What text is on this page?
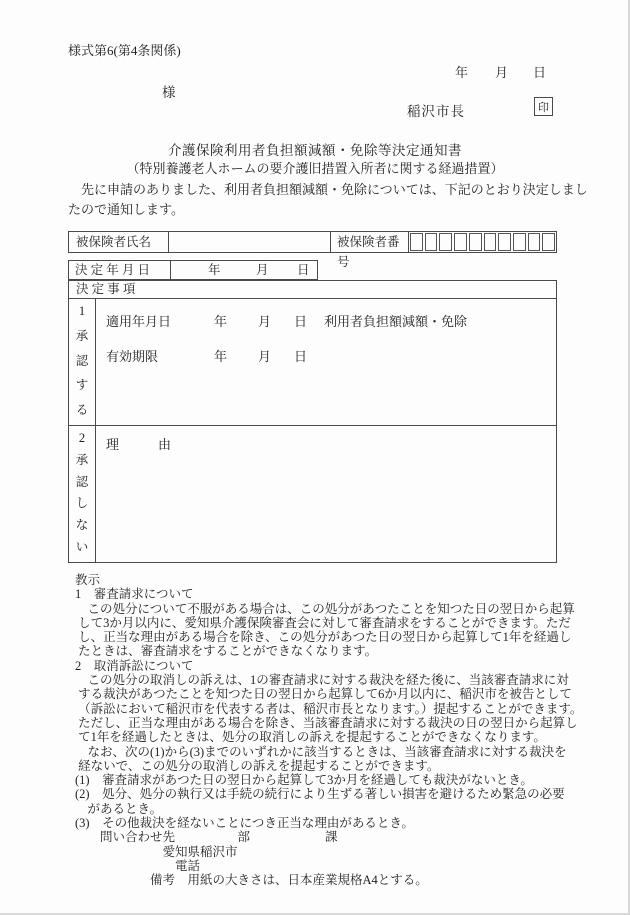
様式第6(第4条関係)
年 月 日
様
稲沢市長	印
介護保険利用者負担額減額・免除等決定通知書
（特別養護老人ホームの要介護旧措置入所者に関する経過措置）
　先に申請のありました、利用者負担額減額・免除については、下記のとおり決定しまし
たので通知します。
被保険者氏名	被保険者番号
決 定 年 月 日	年	月 日
決 定 事 項
1
承
認
す
る
適用年月日	年 月 日 利用者負担額減額・免除
有効期限	年 月 日
2
承
認
し
な
い
理　　　由
教示
1　審査請求について
　この処分について不服がある場合は、この処分があつたことを知つた日の翌日から起算
して3か月以内に、愛知県介護保険審査会に対して審査請求をすることができます。ただ
し、正当な理由がある場合を除き、この処分があつた日の翌日から起算して1年を経過し
たときは、審査請求をすることができなくなります。
2　取消訴訟について
　この処分の取消しの訴えは、1の審査請求に対する裁決を経た後に、当該審査請求に対
する裁決があつたことを知つた日の翌日から起算して6か月以内に、稲沢市を被告として
（訴訟において稲沢市を代表する者は、稲沢市長となります。）提起することができます。
ただし、正当な理由がある場合を除き、当該審査請求に対する裁決の日の翌日から起算し
て1年を経過したときは、処分の取消しの訴えを提起することができなくなります。
　なお、次の(1)から(3)までのいずれかに該当するときは、当該審査請求に対する裁決を
経ないで、この処分の取消しの訴えを提起することができます。
(1)　審査請求があつた日の翌日から起算して3か月を経過しても裁決がないとき。
(2)　処分、処分の執行又は手続の続行により生ずる著しい損害を避けるため緊急の必要
　があるとき。
(3)　その他裁決を経ないことにつき正当な理由があるとき。
　　問い合わせ先　　　　　部　　　　　　課
　　　　　　　愛知県稲沢市
　　　　　　　　電話
　　　　　　備考　用紙の大きさは、日本産業規格A4とする。
